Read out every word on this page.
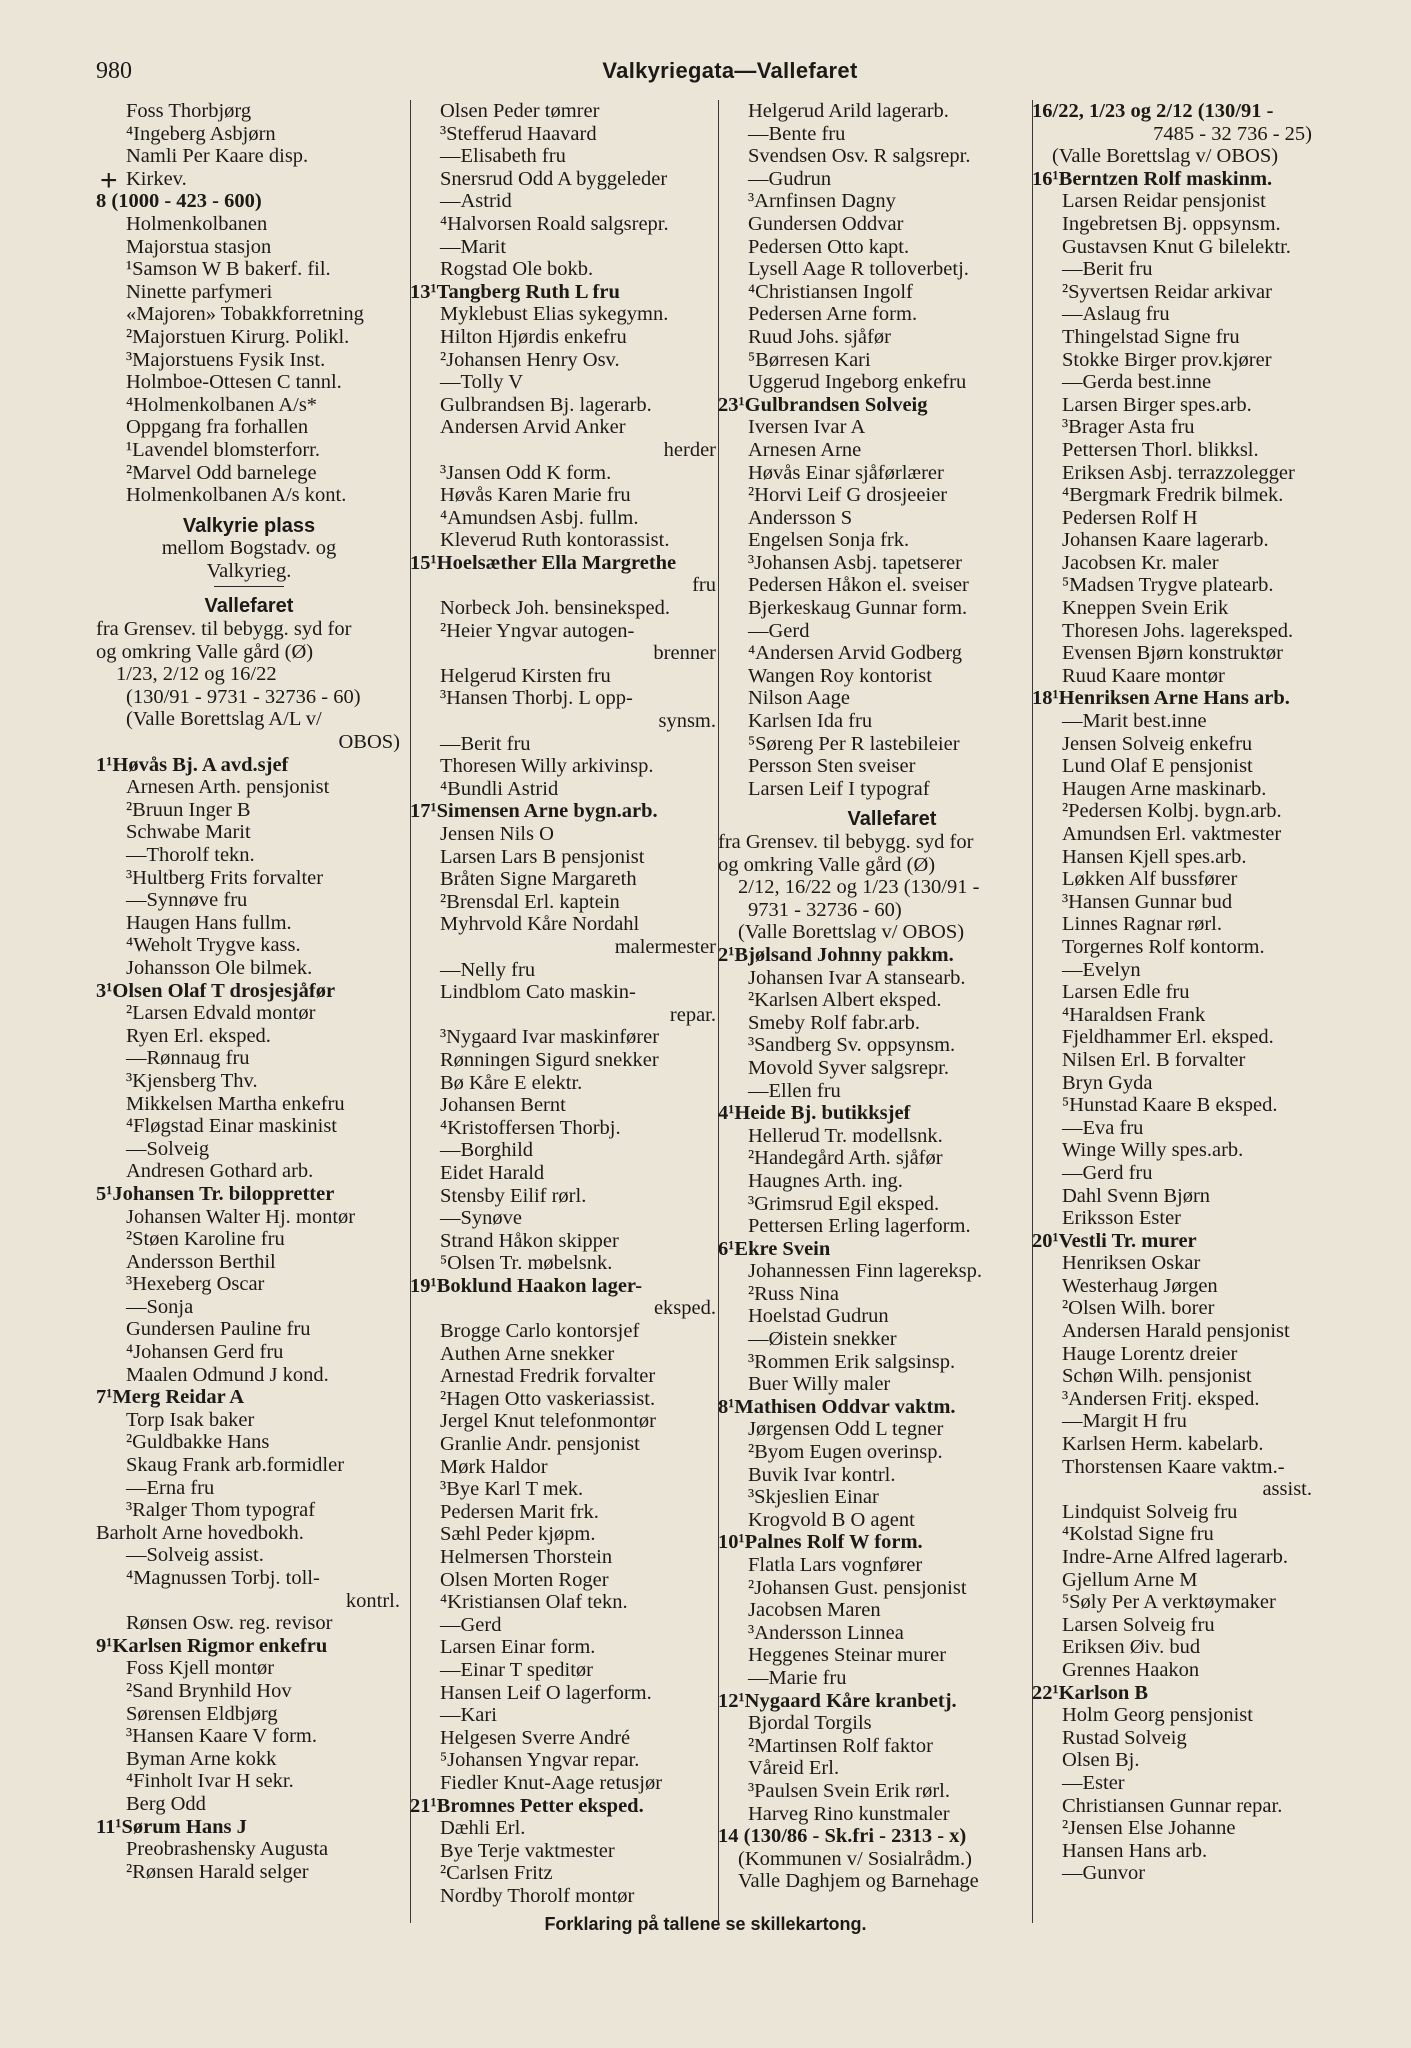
980	Valkyriegata—Vallefaret
+
Foss Thorbjørg
⁴Ingeberg Asbjørn
Namli Per Kaare disp.
Kirkev.
8 (1000 - 423 - 600)
Holmenkolbanen
Majorstua stasjon
¹Samson W B bakerf. fil.
Ninette parfymeri
«Majoren» Tobakkforretning
²Majorstuen Kirurg. Polikl.
³Majorstuens Fysik Inst.
Holmboe-Ottesen C tannl.
⁴Holmenkolbanen A/s*
Oppgang fra forhallen
¹Lavendel blomsterforr.
²Marvel Odd barnelege
Holmenkolbanen A/s kont.
Valkyrie plass
mellom Bogstadv. og
Valkyrieg.
Vallefaret
fra Grensev. til bebygg. syd for
og omkring Valle gård (Ø)
1/23, 2/12 og 16/22
(130/91 - 9731 - 32736 - 60)
(Valle Borettslag A/L v/
OBOS)
1¹Høvås Bj. A avd.sjef
Arnesen Arth. pensjonist
²Bruun Inger B
Schwabe Marit
—Thorolf tekn.
³Hultberg Frits forvalter
—Synnøve fru
Haugen Hans fullm.
⁴Weholt Trygve kass.
Johansson Ole bilmek.
3¹Olsen Olaf T drosjesjåfør
²Larsen Edvald montør
Ryen Erl. eksped.
—Rønnaug fru
³Kjensberg Thv.
Mikkelsen Martha enkefru
⁴Fløgstad Einar maskinist
—Solveig
Andresen Gothard arb.
5¹Johansen Tr. biloppretter
Johansen Walter Hj. montør
²Støen Karoline fru
Andersson Berthil
³Hexeberg Oscar
—Sonja
Gundersen Pauline fru
⁴Johansen Gerd fru
Maalen Odmund J kond.
7¹Merg Reidar A
Torp Isak baker
²Guldbakke Hans
Skaug Frank arb.formidler
—Erna fru
³Ralger Thom typograf
Barholt Arne hovedbokh.
—Solveig assist.
⁴Magnussen Torbj. toll-
kontrl.
Rønsen Osw. reg. revisor
9¹Karlsen Rigmor enkefru
Foss Kjell montør
²Sand Brynhild Hov
Sørensen Eldbjørg
³Hansen Kaare V form.
Byman Arne kokk
⁴Finholt Ivar H sekr.
Berg Odd
11¹Sørum Hans J
Preobrashensky Augusta
²Rønsen Harald selger
Olsen Peder tømrer
³Stefferud Haavard
—Elisabeth fru
Snersrud Odd A byggeleder
—Astrid
⁴Halvorsen Roald salgsrepr.
—Marit
Rogstad Ole bokb.
13¹Tangberg Ruth L fru
Myklebust Elias sykegymn.
Hilton Hjørdis enkefru
²Johansen Henry Osv.
—Tolly V
Gulbrandsen Bj. lagerarb.
Andersen Arvid Anker
herder
³Jansen Odd K form.
Høvås Karen Marie fru
⁴Amundsen Asbj. fullm.
Kleverud Ruth kontorassist.
15¹Hoelsæther Ella Margrethe
fru
Norbeck Joh. bensineksped.
²Heier Yngvar autogen-
brenner
Helgerud Kirsten fru
³Hansen Thorbj. L opp-
synsm.
—Berit fru
Thoresen Willy arkivinsp.
⁴Bundli Astrid
17¹Simensen Arne bygn.arb.
Jensen Nils O
Larsen Lars B pensjonist
Bråten Signe Margareth
²Brensdal Erl. kaptein
Myhrvold Kåre Nordahl
malermester
—Nelly fru
Lindblom Cato maskin-
repar.
³Nygaard Ivar maskinfører
Rønningen Sigurd snekker
Bø Kåre E elektr.
Johansen Bernt
⁴Kristoffersen Thorbj.
—Borghild
Eidet Harald
Stensby Eilif rørl.
—Synøve
Strand Håkon skipper
⁵Olsen Tr. møbelsnk.
19¹Boklund Haakon lager-
eksped.
Brogge Carlo kontorsjef
Authen Arne snekker
Arnestad Fredrik forvalter
²Hagen Otto vaskeriassist.
Jergel Knut telefonmontør
Granlie Andr. pensjonist
Mørk Haldor
³Bye Karl T mek.
Pedersen Marit frk.
Sæhl Peder kjøpm.
Helmersen Thorstein
Olsen Morten Roger
⁴Kristiansen Olaf tekn.
—Gerd
Larsen Einar form.
—Einar T speditør
Hansen Leif O lagerform.
—Kari
Helgesen Sverre André
⁵Johansen Yngvar repar.
Fiedler Knut-Aage retusjør
21¹Bromnes Petter eksped.
Dæhli Erl.
Bye Terje vaktmester
²Carlsen Fritz
Nordby Thorolf montør
Helgerud Arild lagerarb.
—Bente fru
Svendsen Osv. R salgsrepr.
—Gudrun
³Arnfinsen Dagny
Gundersen Oddvar
Pedersen Otto kapt.
Lysell Aage R tolloverbetj.
⁴Christiansen Ingolf
Pedersen Arne form.
Ruud Johs. sjåfør
⁵Børresen Kari
Uggerud Ingeborg enkefru
23¹Gulbrandsen Solveig
Iversen Ivar A
Arnesen Arne
Høvås Einar sjåførlærer
²Horvi Leif G drosjeeier
Andersson S
Engelsen Sonja frk.
³Johansen Asbj. tapetserer
Pedersen Håkon el. sveiser
Bjerkeskaug Gunnar form.
—Gerd
⁴Andersen Arvid Godberg
Wangen Roy kontorist
Nilson Aage
Karlsen Ida fru
⁵Søreng Per R lastebileier
Persson Sten sveiser
Larsen Leif I typograf
Vallefaret
fra Grensev. til bebygg. syd for
og omkring Valle gård (Ø)
2/12, 16/22 og 1/23 (130/91 -
9731 - 32736 - 60)
(Valle Borettslag v/ OBOS)
2¹Bjølsand Johnny pakkm.
Johansen Ivar A stansearb.
²Karlsen Albert eksped.
Smeby Rolf fabr.arb.
³Sandberg Sv. oppsynsm.
Movold Syver salgsrepr.
—Ellen fru
4¹Heide Bj. butikksjef
Hellerud Tr. modellsnk.
²Handegård Arth. sjåfør
Haugnes Arth. ing.
³Grimsrud Egil eksped.
Pettersen Erling lagerform.
6¹Ekre Svein
Johannessen Finn lagereksp.
²Russ Nina
Hoelstad Gudrun
—Øistein snekker
³Rommen Erik salgsinsp.
Buer Willy maler
8¹Mathisen Oddvar vaktm.
Jørgensen Odd L tegner
²Byom Eugen overinsp.
Buvik Ivar kontrl.
³Skjeslien Einar
Krogvold B O agent
10¹Palnes Rolf W form.
Flatla Lars vognfører
²Johansen Gust. pensjonist
Jacobsen Maren
³Andersson Linnea
Heggenes Steinar murer
—Marie fru
12¹Nygaard Kåre kranbetj.
Bjordal Torgils
²Martinsen Rolf faktor
Våreid Erl.
³Paulsen Svein Erik rørl.
Harveg Rino kunstmaler
14 (130/86 - Sk.fri - 2313 - x)
(Kommunen v/ Sosialrådm.)
Valle Daghjem og Barnehage
16/22, 1/23 og 2/12 (130/91 -
7485 - 32 736 - 25)
(Valle Borettslag v/ OBOS)
16¹Berntzen Rolf maskinm.
Larsen Reidar pensjonist
Ingebretsen Bj. oppsynsm.
Gustavsen Knut G bilelektr.
—Berit fru
²Syvertsen Reidar arkivar
—Aslaug fru
Thingelstad Signe fru
Stokke Birger prov.kjører
—Gerda best.inne
Larsen Birger spes.arb.
³Brager Asta fru
Pettersen Thorl. blikksl.
Eriksen Asbj. terrazzolegger
⁴Bergmark Fredrik bilmek.
Pedersen Rolf H
Johansen Kaare lagerarb.
Jacobsen Kr. maler
⁵Madsen Trygve platearb.
Kneppen Svein Erik
Thoresen Johs. lagereksped.
Evensen Bjørn konstruktør
Ruud Kaare montør
18¹Henriksen Arne Hans arb.
—Marit best.inne
Jensen Solveig enkefru
Lund Olaf E pensjonist
Haugen Arne maskinarb.
²Pedersen Kolbj. bygn.arb.
Amundsen Erl. vaktmester
Hansen Kjell spes.arb.
Løkken Alf bussfører
³Hansen Gunnar bud
Linnes Ragnar rørl.
Torgernes Rolf kontorm.
—Evelyn
Larsen Edle fru
⁴Haraldsen Frank
Fjeldhammer Erl. eksped.
Nilsen Erl. B forvalter
Bryn Gyda
⁵Hunstad Kaare B eksped.
—Eva fru
Winge Willy spes.arb.
—Gerd fru
Dahl Svenn Bjørn
Eriksson Ester
20¹Vestli Tr. murer
Henriksen Oskar
Westerhaug Jørgen
²Olsen Wilh. borer
Andersen Harald pensjonist
Hauge Lorentz dreier
Schøn Wilh. pensjonist
³Andersen Fritj. eksped.
—Margit H fru
Karlsen Herm. kabelarb.
Thorstensen Kaare vaktm.-
assist.
Lindquist Solveig fru
⁴Kolstad Signe fru
Indre-Arne Alfred lagerarb.
Gjellum Arne M
⁵Søly Per A verktøymaker
Larsen Solveig fru
Eriksen Øiv. bud
Grennes Haakon
22¹Karlson B
Holm Georg pensjonist
Rustad Solveig
Olsen Bj.
—Ester
Christiansen Gunnar repar.
²Jensen Else Johanne
Hansen Hans arb.
—Gunvor
Forklaring på tallene se skillekartong.
